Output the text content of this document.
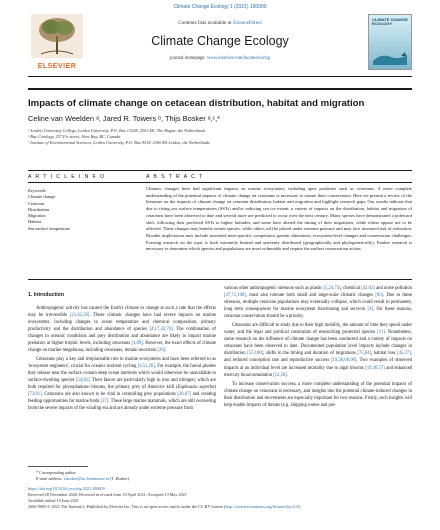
Climate Change Ecology 1 (2021) 100009
ELSEVIER
Contents lists available at ScienceDirect
Climate Change Ecology
journal homepage: www.elsevier.com/locate/ecochg
CLIMATE CHANGE ECOLOGY
Impacts of climate change on cetacean distribution, habitat and migration
Celine van Weelden ᵃ, Jared R. Towers ᵇ, Thijs Bosker ᵃ,ᶜ,*
ᵃ Leiden University College, Leiden University, P.O. Box 13228, 2501 EE, The Hague, the Netherlands
ᵇ Bay Cetology, 257 Fir street, Alert Bay, BC, Canada
ᶜ Institute of Environmental Sciences, Leiden University, P.O. Box 9518, 2300 RA Leiden, the Netherlands
A R T I C L E I N F O	A B S T R A C T
Keywords:
Climate change
Cetacean
Distribution
Migration
Habitat
Sea surface temperature
Climatic changes have had significant impacts on marine ecosystems, including apex predators such as cetaceans. A more complete understanding of the potential impacts of climate change on cetaceans is necessary to ensure their conservation. Here we present a review of the literature on the impacts of climate change on cetacean distribution, habitat and migration and highlight research gaps. Our results indicate that due to rising sea surface temperatures (SSTs) and/or reducing sea ice extent, a variety of impacts on the distribution, habitat and migration of cetaceans have been observed to date and several more are predicted to occur over the next century. Many species have demonstrated a poleward shift, following their preferred SSTs to higher latitudes, and some have altered the timing of their migrations, while others appear not to be affected. These changes may benefit certain species, while others will be placed under extreme pressure and may face increased risk of extinction. Broader implications may include increased inter-specific competition, genetic alterations, ecosystem-level changes and conservation challenges. Existing research on the topic is both extremely limited and unevenly distributed (geographically and phylogenetically). Further research is necessary to determine which species and populations are most vulnerable and require the earliest conservation action.
1. Introduction

Anthropogenic activity has caused the Earth's climate to change at such a rate that the effects may be irreversible [21,42,59]. These climatic changes have had severe impacts on marine ecosystems, including changes to ocean temperature and chemical composition, primary productivity and the distribution and abundance of species [4,17,42,76]. The combination of changes in oceanic conditions and prey distribution and abundance are likely to impact marine predators at higher trophic levels, including cetaceans [4,89]. However, the exact effects of climate change on marine megafauna, including cetaceans, remain uncertain [26].

Cetaceans play a key and irreplaceable role in marine ecosystems and have been referred to as 'ecosystem engineers', crucial for oceanic nutrient cycling [4,51,26]. For example, the faecal plumes they release near the surface contain deep ocean nutrients which would otherwise be unavailable to surface-dwelling species [54,82]. Their faeces are particularly high in iron and nitrogen, which are both required for phytoplankton blooms, the primary prey of Antarctic krill (Euphausia superba) [73,81]. Cetaceans are also known to be vital in controlling prey populations [20,87] and creating feeding opportunities for marine birds [27]. These large marine mammals, which are still recovering from the severe impacts of the whaling era and are already under extreme pressure from

various other anthropogenic stressors such as plastic [5,24,74], chemical [43,62] and noise pollution [47,71,108], must also tolerate both small and large-scale climatic changes [83]. Due to these stressors, multiple cetacean populations may eventually collapse, which could result in permanent, long term consequences for marine ecosystem functioning and services [4]. For these reasons, cetacean conservation should be a priority.

Cetaceans are difficult to study due to their high mobility, the amount of time they spend under water, and the legal and political constraints of researching protected species [11]. Nonetheless, some research on the influence of climate change has been conducted and a variety of impacts on cetaceans have been observed to date. Documented population level impacts include changes in distribution [53,100], shifts in the timing and duration of migrations [75,84], habitat loss [45,37], and reduced conception rate and reproductive success [19,26,66,90]. Two examples of observed impacts at an individual level are increased mortality due to algal blooms [10,36,57] and enhanced mercury bioaccumulation [12,58].

To increase conservation success, a more complete understanding of the potential impacts of climate change on cetaceans is necessary, and insights into the potential climate-induced changes in their distribution and movements are especially important for two reasons. Firstly, such insights will help enable impacts of threats (e.g. shipping routes and pol-

* Corresponding author.
E-mail address: t.bosker@luc.leidenuniv.nl (T. Bosker).
https://doi.org/10.1016/j.ecochg.2021.100009
Received 28 November 2020; Received in revised form 19 April 2021; Accepted 13 May 2021
Available online 19 June 2021
2666-9005/© 2021 The Author(s). Published by Elsevier Inc. This is an open access article under the CC BY license (http://creativecommons.org/licenses/by/4.0/)
